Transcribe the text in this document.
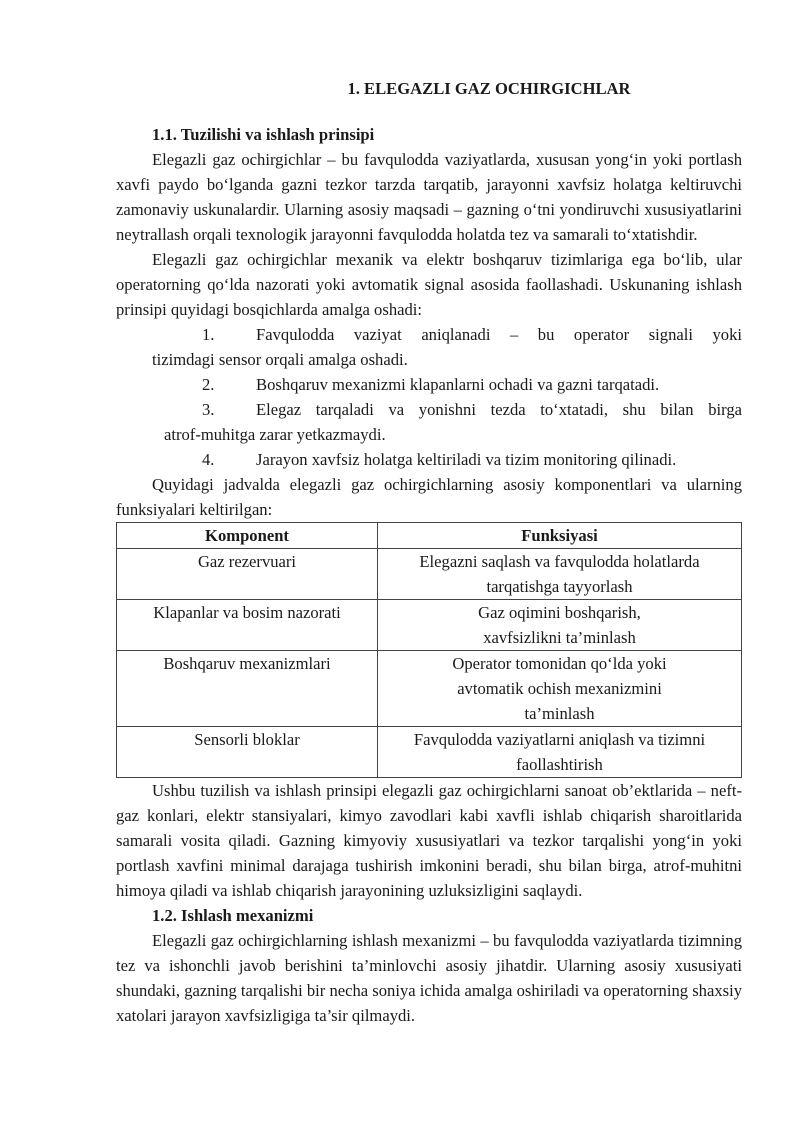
1. ELEGAZLI GAZ OCHIRGICHLAR
1.1. Tuzilishi va ishlash prinsipi

Elegazli gaz ochirgichlar – bu favqulodda vaziyatlarda, xususan yong‘in yoki portlash xavfi paydo bo‘lganda gazni tezkor tarzda tarqatib, jarayonni xavfsiz holatga keltiruvchi zamonaviy uskunalardir. Ularning asosiy maqsadi – gazning o‘tni yondiruvchi xususiyatlarini neytrallash orqali texnologik jarayonni favqulodda holatda tez va samarali to‘xtatishdir.

Elegazli gaz ochirgichlar mexanik va elektr boshqaruv tizimlariga ega bo‘lib, ular operatorning qo‘lda nazorati yoki avtomatik signal asosida faollashadi. Uskunaning ishlash prinsipi quyidagi bosqichlarda amalga oshadi:

1.	Favqulodda vaziyat aniqlanadi – bu operator signali yoki
tizimdagi sensor orqali amalga oshadi.
2.	Boshqaruv mexanizmi klapanlarni ochadi va gazni tarqatadi.
3.	Elegaz tarqaladi va yonishni tezda to‘xtatadi, shu bilan birga
atrof-muhitga zarar yetkazmaydi.
4.	Jarayon xavfsiz holatga keltiriladi va tizim monitoring qilinadi.

Quyidagi jadvalda elegazli gaz ochirgichlarning asosiy komponentlari va ularning funksiyalari keltirilgan:

Komponent	Funksiyasi
Gaz rezervuari	Elegazni saqlash va favqulodda holatlarda tarqatishga tayyorlash
Klapanlar va bosim nazorati	Gaz oqimini boshqarish, xavfsizlikni ta’minlash
Boshqaruv mexanizmlari	Operator tomonidan qo‘lda yoki avtomatik ochish mexanizmini ta’minlash
Sensorli bloklar	Favqulodda vaziyatlarni aniqlash va tizimni faollashtirish

Ushbu tuzilish va ishlash prinsipi elegazli gaz ochirgichlarni sanoat ob’ektlarida – neft-gaz konlari, elektr stansiyalari, kimyo zavodlari kabi xavfli ishlab chiqarish sharoitlarida samarali vosita qiladi. Gazning kimyoviy xususiyatlari va tezkor tarqalishi yong‘in yoki portlash xavfini minimal darajaga tushirish imkonini beradi, shu bilan birga, atrof-muhitni himoya qiladi va ishlab chiqarish jarayonining uzluksizligini saqlaydi.

1.2. Ishlash mexanizmi

Elegazli gaz ochirgichlarning ishlash mexanizmi – bu favqulodda vaziyatlarda tizimning tez va ishonchli javob berishini ta’minlovchi asosiy jihatdir. Ularning asosiy xususiyati shundaki, gazning tarqalishi bir necha soniya ichida amalga oshiriladi va operatorning shaxsiy xatolari jarayon xavfsizligiga ta’sir qilmaydi.
